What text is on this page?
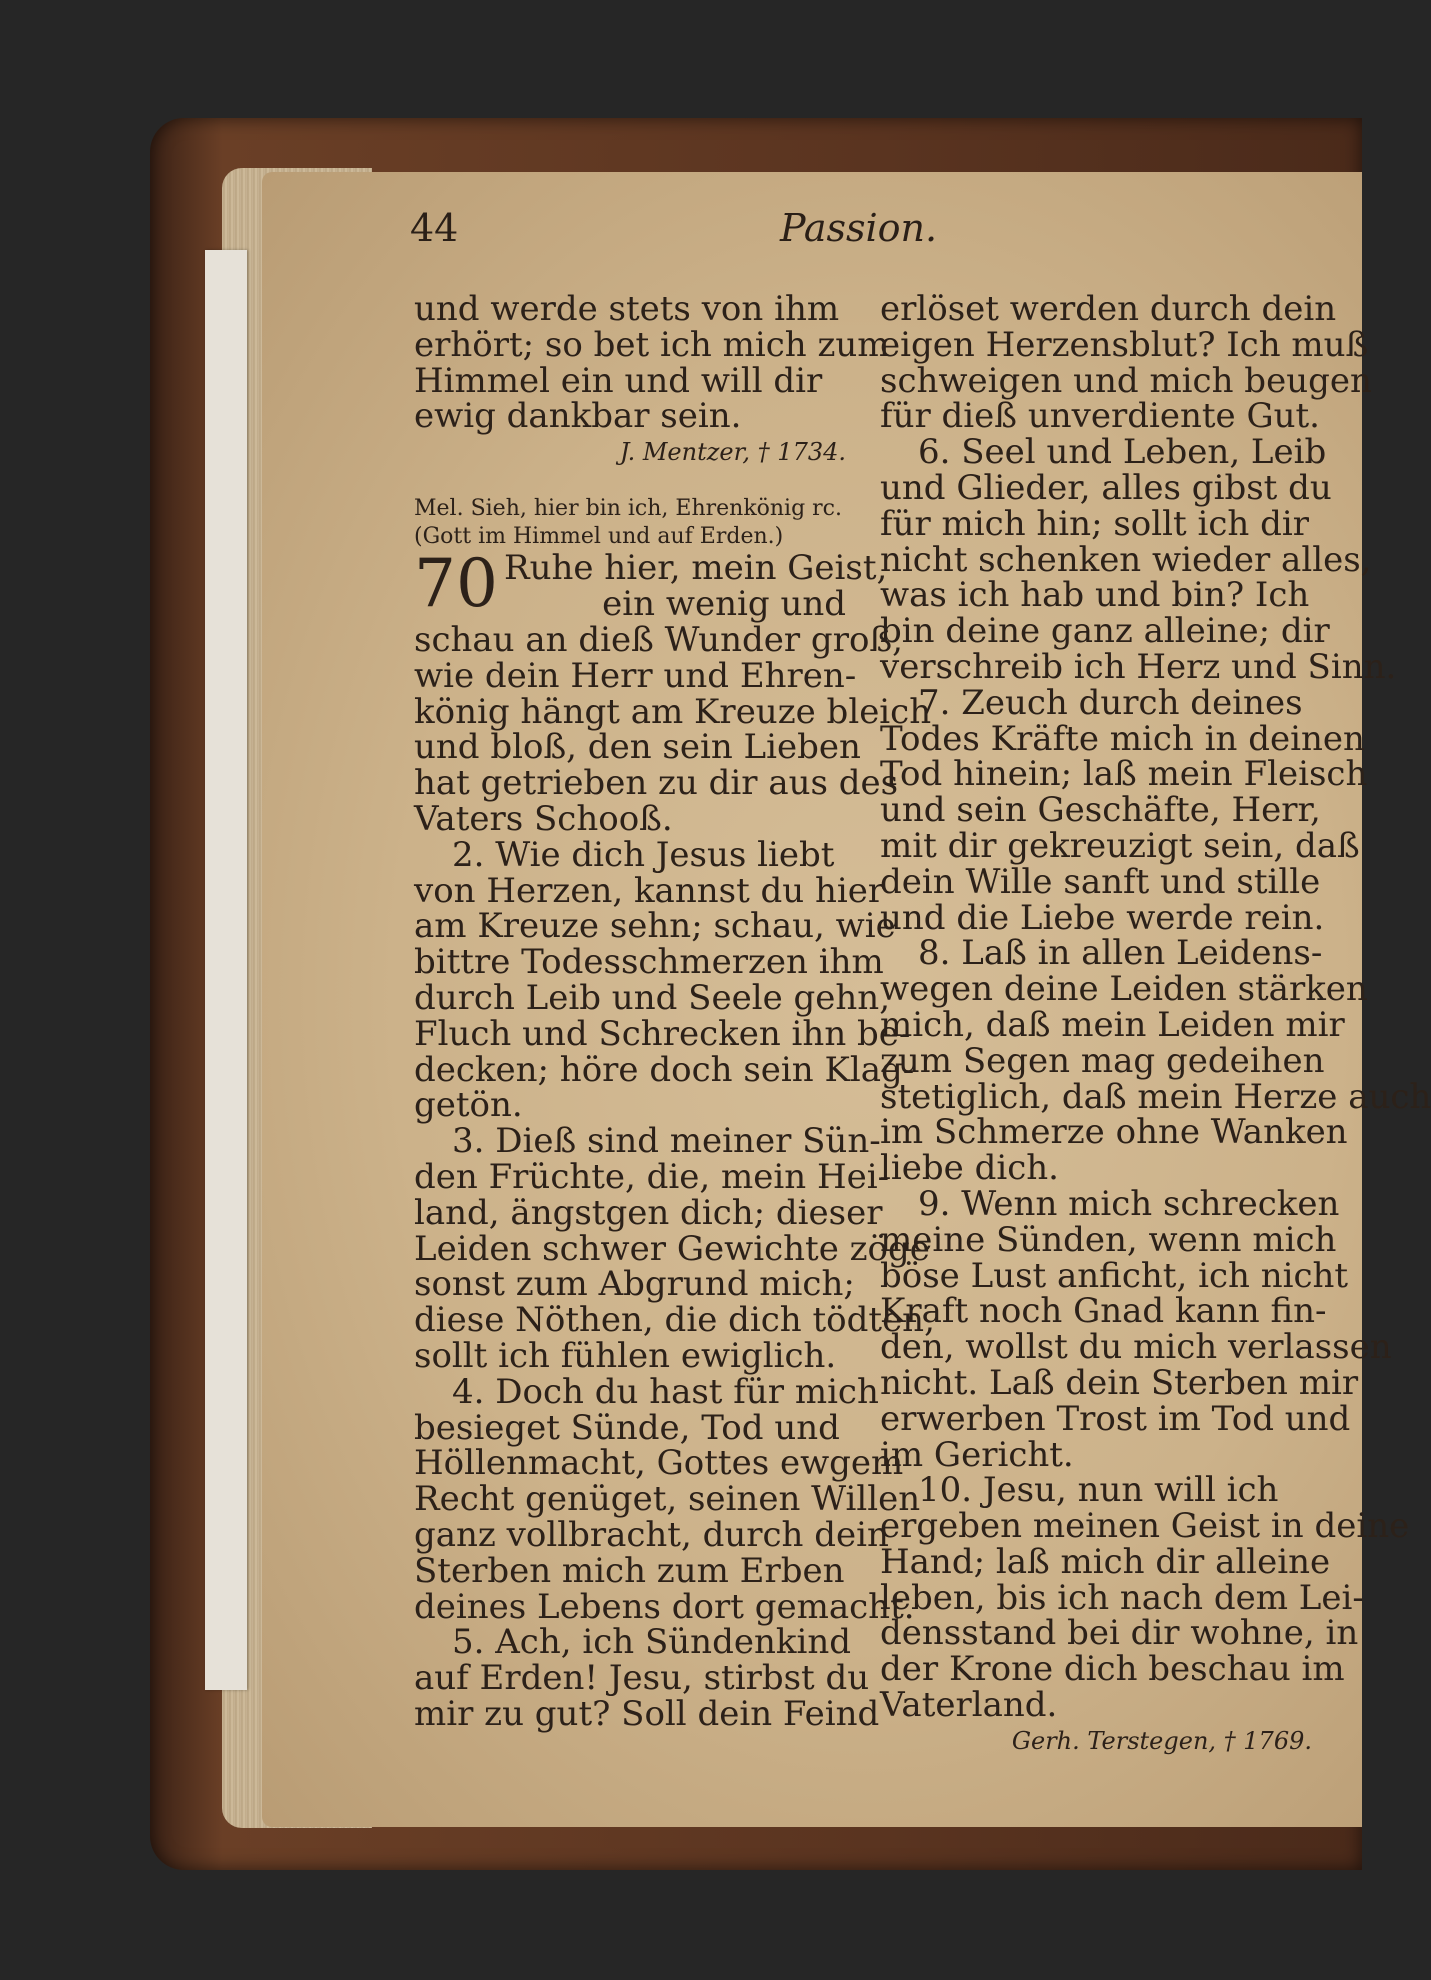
44	Passion.
und werde stets von ihm
erhört; so bet ich mich zum
Himmel ein und will dir
ewig dankbar sein.
J. Mentzer, † 1734.
Mel. Sieh, hier bin ich, Ehrenkönig rc.
(Gott im Himmel und auf Erden.)
70 Ruhe hier, mein Geist,
ein wenig und
schau an dieß Wunder groß,
wie dein Herr und Ehren-
könig hängt am Kreuze bleich
und bloß, den sein Lieben
hat getrieben zu dir aus des
Vaters Schooß.
2. Wie dich Jesus liebt
von Herzen, kannst du hier
am Kreuze sehn; schau, wie
bittre Todesschmerzen ihm
durch Leib und Seele gehn,
Fluch und Schrecken ihn be-
decken; höre doch sein Klag-
getön.
3. Dieß sind meiner Sün-
den Früchte, die, mein Hei-
land, ängstgen dich; dieser
Leiden schwer Gewichte zöge
sonst zum Abgrund mich;
diese Nöthen, die dich tödten,
sollt ich fühlen ewiglich.
4. Doch du hast für mich
besieget Sünde, Tod und
Höllenmacht, Gottes ewgem
Recht genüget, seinen Willen
ganz vollbracht, durch dein
Sterben mich zum Erben
deines Lebens dort gemacht.
5. Ach, ich Sündenkind
auf Erden! Jesu, stirbst du
mir zu gut? Soll dein Feind
erlöset werden durch dein
eigen Herzensblut? Ich muß
schweigen und mich beugen
für dieß unverdiente Gut.
6. Seel und Leben, Leib
und Glieder, alles gibst du
für mich hin; sollt ich dir
nicht schenken wieder alles,
was ich hab und bin? Ich
bin deine ganz alleine; dir
verschreib ich Herz und Sinn.
7. Zeuch durch deines
Todes Kräfte mich in deinen
Tod hinein; laß mein Fleisch
und sein Geschäfte, Herr,
mit dir gekreuzigt sein, daß
dein Wille sanft und stille
und die Liebe werde rein.
8. Laß in allen Leidens-
wegen deine Leiden stärken
mich, daß mein Leiden mir
zum Segen mag gedeihen
stetiglich, daß mein Herze auch
im Schmerze ohne Wanken
liebe dich.
9. Wenn mich schrecken
meine Sünden, wenn mich
böse Lust anficht, ich nicht
Kraft noch Gnad kann fin-
den, wollst du mich verlassen
nicht. Laß dein Sterben mir
erwerben Trost im Tod und
im Gericht.
10. Jesu, nun will ich
ergeben meinen Geist in deine
Hand; laß mich dir alleine
leben, bis ich nach dem Lei-
densstand bei dir wohne, in
der Krone dich beschau im
Vaterland.
Gerh. Terstegen, † 1769.
